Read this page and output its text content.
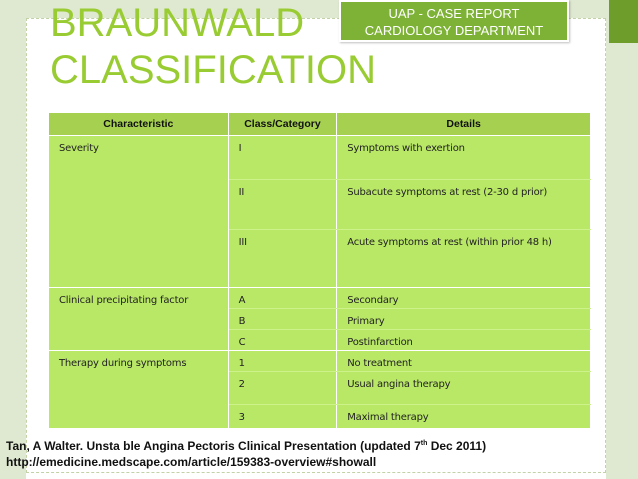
BRAUNWALD
CLASSIFICATION
UAP - CASE REPORT
CARDIOLOGY DEPARTMENT
Characteristic	Class/Category	Details
Severity	I	Symptoms with exertion
	II	Subacute symptoms at rest (2-30 d prior)
	III	Acute symptoms at rest (within prior 48 h)
Clinical precipitating factor	A	Secondary
	B	Primary
	C	Postinfarction
Therapy during symptoms	1	No treatment
	2	Usual angina therapy
	3	Maximal therapy
Tan, A Walter. Unsta ble Angina Pectoris Clinical Presentation (updated 7th Dec 2011)
http://emedicine.medscape.com/article/159383-overview#showall
